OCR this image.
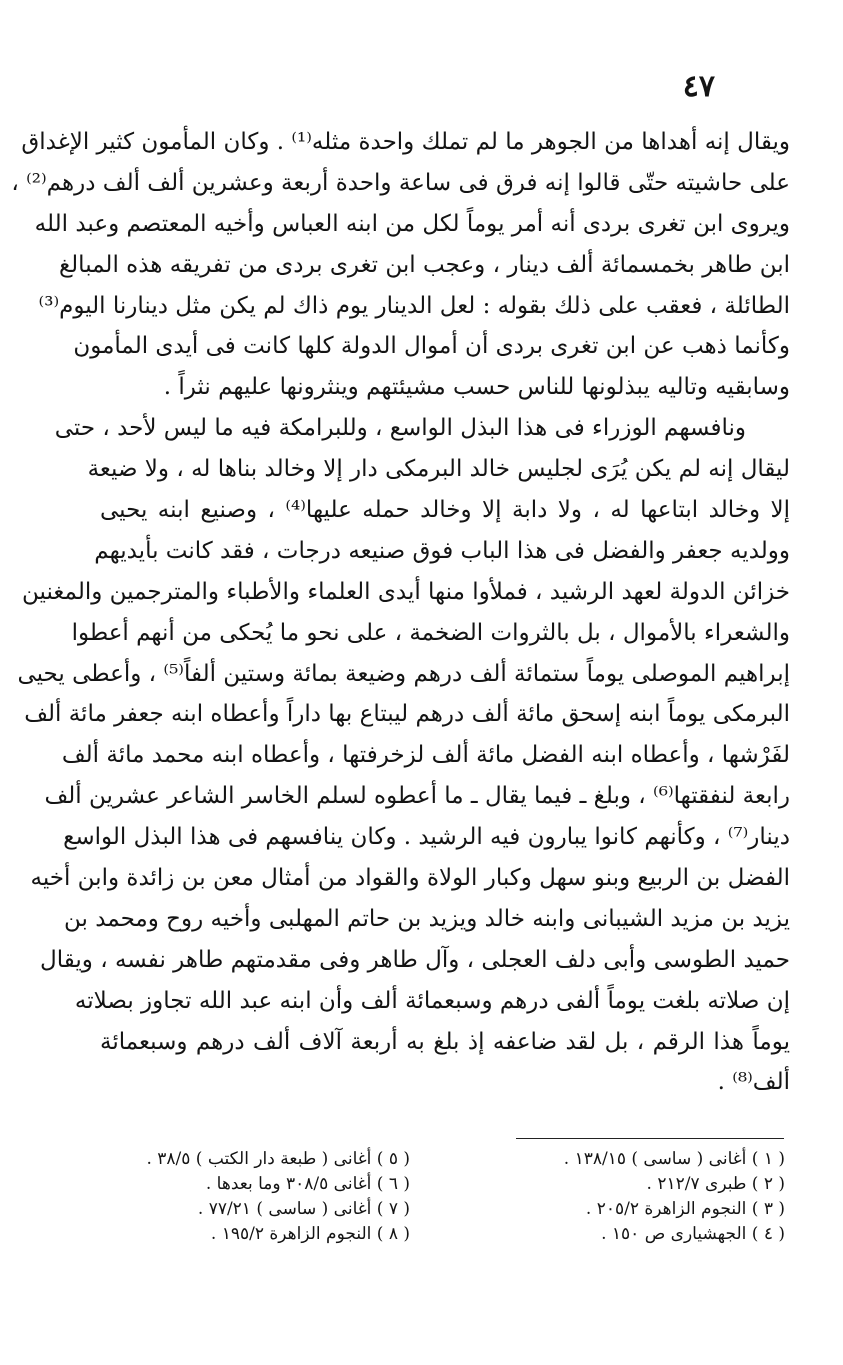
٤٧
ويقال إنه أهداها من الجوهر ما لم تملك واحدة مثله⁽¹⁾ . وكان المأمون كثير الإغداق
على حاشيته حتّى قالوا إنه فرق فى ساعة واحدة أربعة وعشرين ألف ألف درهم⁽²⁾ ،
ويروى ابن تغرى بردى أنه أمر يوماً لكل من ابنه العباس وأخيه المعتصم وعبد الله
ابن طاهر بخمسمائة ألف دينار ، وعجب ابن تغرى بردى من تفريقه هذه المبالغ
الطائلة ، فعقب على ذلك بقوله : لعل الدينار يوم ذاك لم يكن مثل دينارنا اليوم⁽³⁾
وكأنما ذهب عن ابن تغرى بردى أن أموال الدولة كلها كانت فى أيدى المأمون
وسابقيه وتاليه يبذلونها للناس حسب مشيئتهم وينثرونها عليهم نثراً .
ونافسهم الوزراء فى هذا البذل الواسع ، وللبرامكة فيه ما ليس لأحد ، حتى
ليقال إنه لم يكن يُرَى لجليس خالد البرمكى دار إلا وخالد بناها له ، ولا ضيعة
إلا وخالد ابتاعها له ، ولا دابة إلا وخالد حمله عليها⁽⁴⁾ ، وصنيع ابنه يحيى
وولديه جعفر والفضل فى هذا الباب فوق صنيعه درجات ، فقد كانت بأيديهم
خزائن الدولة لعهد الرشيد ، فملأوا منها أيدى العلماء والأطباء والمترجمين والمغنين
والشعراء بالأموال ، بل بالثروات الضخمة ، على نحو ما يُحكى من أنهم أعطوا
إبراهيم الموصلى يوماً ستمائة ألف درهم وضيعة بمائة وستين ألفاً⁽⁵⁾ ، وأعطى يحيى
البرمكى يوماً ابنه إسحق مائة ألف درهم ليبتاع بها داراً وأعطاه ابنه جعفر مائة ألف
لفَرْشها ، وأعطاه ابنه الفضل مائة ألف لزخرفتها ، وأعطاه ابنه محمد مائة ألف
رابعة لنفقتها⁽⁶⁾ ، وبلغ ـ فيما يقال ـ ما أعطوه لسلم الخاسر الشاعر عشرين ألف
دينار⁽⁷⁾ ، وكأنهم كانوا يبارون فيه الرشيد . وكان ينافسهم فى هذا البذل الواسع
الفضل بن الربيع وبنو سهل وكبار الولاة والقواد من أمثال معن بن زائدة وابن أخيه
يزيد بن مزيد الشيبانى وابنه خالد ويزيد بن حاتم المهلبى وأخيه روح ومحمد بن
حميد الطوسى وأبى دلف العجلى ، وآل طاهر وفى مقدمتهم طاهر نفسه ، ويقال
إن صلاته بلغت يوماً ألفى درهم وسبعمائة ألف وأن ابنه عبد الله تجاوز بصلاته
يوماً هذا الرقم ، بل لقد ضاعفه إذ بلغ به أربعة آلاف ألف درهم وسبعمائة
ألف⁽⁸⁾ .
( ١ ) أغانى ( ساسى ) ١٣٨/١٥ .
( ٢ ) طبرى ٢١٢/٧ .
( ٣ ) النجوم الزاهرة ٢٠٥/٢ .
( ٤ ) الجهشيارى ص ١٥٠ .
( ٥ ) أغانى ( طبعة دار الكتب ) ٣٨/٥ .
( ٦ ) أغانى ٣٠٨/٥ وما بعدها .
( ٧ ) أغانى ( ساسى ) ٧٧/٢١ .
( ٨ ) النجوم الزاهرة ١٩٥/٢ .
